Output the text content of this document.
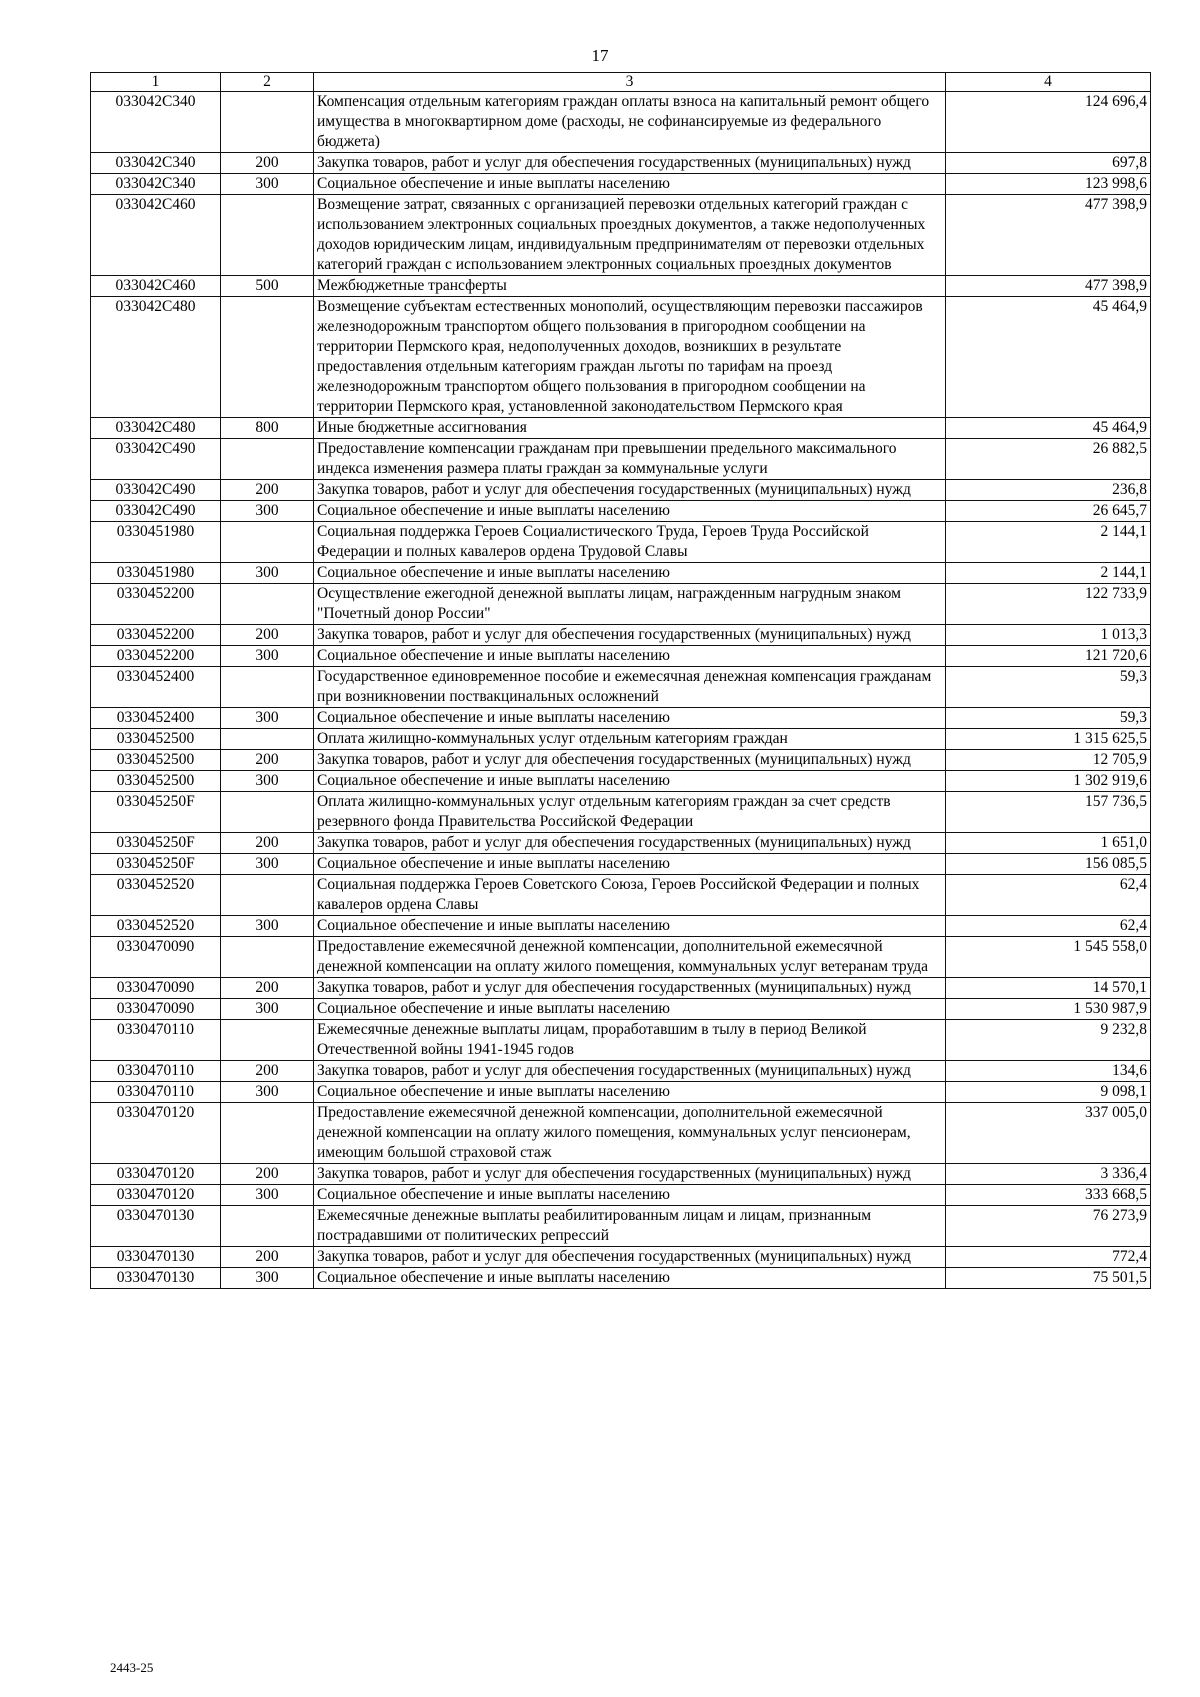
17
1	2	3	4
033042С340		Компенсация отдельным категориям граждан оплаты взноса на капитальный ремонт общего имущества в многоквартирном доме (расходы, не софинансируемые из федерального бюджета)	124 696,4
033042С340	200	Закупка товаров, работ и услуг для обеспечения государственных (муниципальных) нужд	697,8
033042С340	300	Социальное обеспечение и иные выплаты населению	123 998,6
033042С460		Возмещение затрат, связанных с организацией перевозки отдельных категорий граждан с использованием электронных социальных проездных документов, а также недополученных доходов юридическим лицам, индивидуальным предпринимателям от перевозки отдельных категорий граждан с использованием электронных социальных проездных документов	477 398,9
033042С460	500	Межбюджетные трансферты	477 398,9
033042С480		Возмещение субъектам естественных монополий, осуществляющим перевозки пассажиров железнодорожным транспортом общего пользования в пригородном сообщении на территории Пермского края, недополученных доходов, возникших в результате предоставления отдельным категориям граждан льготы по тарифам на проезд железнодорожным транспортом общего пользования в пригородном сообщении на территории Пермского края, установленной законодательством Пермского края	45 464,9
033042С480	800	Иные бюджетные ассигнования	45 464,9
033042С490		Предоставление компенсации гражданам при превышении предельного максимального индекса изменения размера платы граждан за коммунальные услуги	26 882,5
033042С490	200	Закупка товаров, работ и услуг для обеспечения государственных (муниципальных) нужд	236,8
033042С490	300	Социальное обеспечение и иные выплаты населению	26 645,7
0330451980		Социальная поддержка Героев Социалистического Труда, Героев Труда Российской Федерации и полных кавалеров ордена Трудовой Славы	2 144,1
0330451980	300	Социальное обеспечение и иные выплаты населению	2 144,1
0330452200		Осуществление ежегодной денежной выплаты лицам, награжденным нагрудным знаком "Почетный донор России"	122 733,9
0330452200	200	Закупка товаров, работ и услуг для обеспечения государственных (муниципальных) нужд	1 013,3
0330452200	300	Социальное обеспечение и иные выплаты населению	121 720,6
0330452400		Государственное единовременное пособие и ежемесячная денежная компенсация гражданам при возникновении поствакцинальных осложнений	59,3
0330452400	300	Социальное обеспечение и иные выплаты населению	59,3
0330452500		Оплата жилищно-коммунальных услуг отдельным категориям граждан	1 315 625,5
0330452500	200	Закупка товаров, работ и услуг для обеспечения государственных (муниципальных) нужд	12 705,9
0330452500	300	Социальное обеспечение и иные выплаты населению	1 302 919,6
033045250F		Оплата жилищно-коммунальных услуг отдельным категориям граждан за счет средств резервного фонда Правительства Российской Федерации	157 736,5
033045250F	200	Закупка товаров, работ и услуг для обеспечения государственных (муниципальных) нужд	1 651,0
033045250F	300	Социальное обеспечение и иные выплаты населению	156 085,5
0330452520		Социальная поддержка Героев Советского Союза, Героев Российской Федерации и полных кавалеров ордена Славы	62,4
0330452520	300	Социальное обеспечение и иные выплаты населению	62,4
0330470090		Предоставление ежемесячной денежной компенсации, дополнительной ежемесячной денежной компенсации на оплату жилого помещения, коммунальных услуг ветеранам труда	1 545 558,0
0330470090	200	Закупка товаров, работ и услуг для обеспечения государственных (муниципальных) нужд	14 570,1
0330470090	300	Социальное обеспечение и иные выплаты населению	1 530 987,9
0330470110		Ежемесячные денежные выплаты лицам, проработавшим в тылу в период Великой Отечественной войны 1941-1945 годов	9 232,8
0330470110	200	Закупка товаров, работ и услуг для обеспечения государственных (муниципальных) нужд	134,6
0330470110	300	Социальное обеспечение и иные выплаты населению	9 098,1
0330470120		Предоставление ежемесячной денежной компенсации, дополнительной ежемесячной денежной компенсации на оплату жилого помещения, коммунальных услуг пенсионерам, имеющим большой страховой стаж	337 005,0
0330470120	200	Закупка товаров, работ и услуг для обеспечения государственных (муниципальных) нужд	3 336,4
0330470120	300	Социальное обеспечение и иные выплаты населению	333 668,5
0330470130		Ежемесячные денежные выплаты реабилитированным лицам и лицам, признанным пострадавшими от политических репрессий	76 273,9
0330470130	200	Закупка товаров, работ и услуг для обеспечения государственных (муниципальных) нужд	772,4
0330470130	300	Социальное обеспечение и иные выплаты населению	75 501,5
2443-25
